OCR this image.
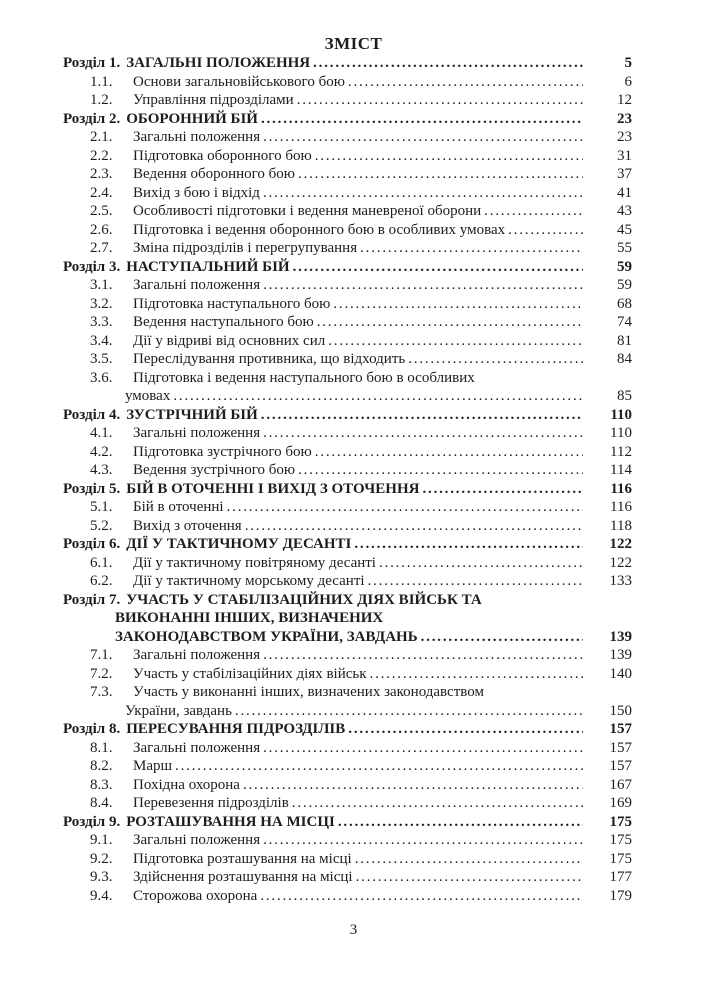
ЗМІСТ
Розділ 1. ЗАГАЛЬНІ ПОЛОЖЕННЯ .....	5
1.1.	Основи загальновійськового бою .....	6
1.2.	Управління підрозділами .....	12
Розділ 2. ОБОРОННИЙ БІЙ .....	23
2.1.	Загальні положення .....	23
2.2.	Підготовка оборонного бою .....	31
2.3.	Ведення оборонного бою .....	37
2.4.	Вихід з бою і відхід .....	41
2.5.	Особливості підготовки і ведення маневреної оборони .....	43
2.6.	Підготовка і ведення оборонного бою в особливих умовах .....	45
2.7.	Зміна підрозділів і перегрупування .....	55
Розділ 3. НАСТУПАЛЬНИЙ БІЙ .....	59
3.1.	Загальні положення .....	59
3.2.	Підготовка наступального бою .....	68
3.3.	Ведення наступального бою .....	74
3.4.	Дії у відриві від основних сил .....	81
3.5.	Переслідування противника, що відходить .....	84
3.6.	Підготовка і ведення наступального бою в особливих
умовах .....	85
Розділ 4. ЗУСТРІЧНИЙ БІЙ .....	110
4.1.	Загальні положення .....	110
4.2.	Підготовка зустрічного бою .....	112
4.3.	Ведення зустрічного бою .....	114
Розділ 5. БІЙ В ОТОЧЕННІ І ВИХІД З ОТОЧЕННЯ .....	116
5.1.	Бій в оточенні .....	116
5.2.	Вихід з оточення .....	118
Розділ 6. ДІЇ У ТАКТИЧНОМУ ДЕСАНТІ .....	122
6.1.	Дії у тактичному повітряному десанті .....	122
6.2.	Дії у тактичному морському десанті .....	133
Розділ 7. УЧАСТЬ У СТАБІЛІЗАЦІЙНИХ ДІЯХ ВІЙСЬК ТА
ВИКОНАННІ ІНШИХ, ВИЗНАЧЕНИХ
ЗАКОНОДАВСТВОМ УКРАЇНИ, ЗАВДАНЬ .....	139
7.1.	Загальні положення .....	139
7.2.	Участь у стабілізаційних діях військ .....	140
7.3.	Участь у виконанні інших, визначених законодавством
України, завдань .....	150
Розділ 8. ПЕРЕСУВАННЯ ПІДРОЗДІЛІВ .....	157
8.1.	Загальні положення .....	157
8.2.	Марш .....	157
8.3.	Похідна охорона .....	167
8.4.	Перевезення підрозділів .....	169
Розділ 9. РОЗТАШУВАННЯ НА МІСЦІ .....	175
9.1.	Загальні положення .....	175
9.2.	Підготовка розташування на місці .....	175
9.3.	Здійснення розташування на місці .....	177
9.4.	Сторожова охорона .....	179
3
